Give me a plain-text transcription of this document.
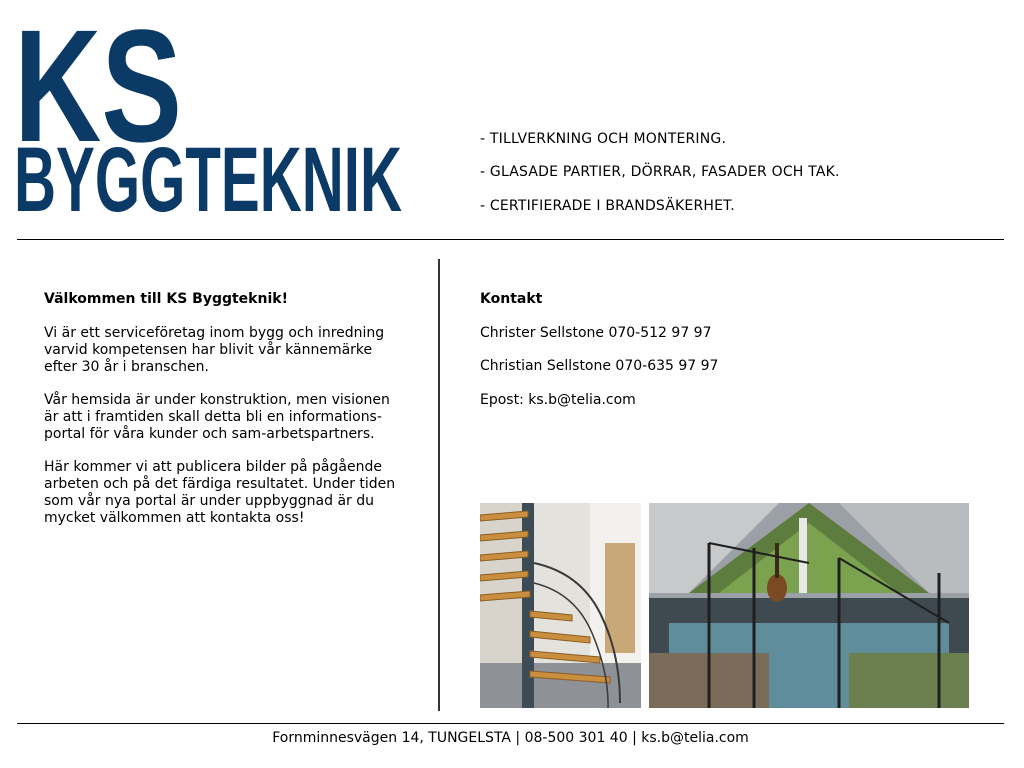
KS
BYGGTEKNIK	- TILLVERKNING OCH MONTERING.

- GLASADE PARTIER, DÖRRAR, FASADER OCH TAK.

- CERTIFIERADE I BRANDSÄKERHET.

Välkommen till KS Byggteknik!

Vi är ett serviceföretag inom bygg och inredning varvid kompetensen har blivit vår kännemärke efter 30 år i branschen.

Vår hemsida är under konstruktion, men visionen är att i framtiden skall detta bli en informations- portal för våra kunder och sam-arbetspartners.

Här kommer vi att publicera bilder på pågående arbeten och på det färdiga resultatet. Under tiden som vår nya portal är under uppbyggnad är du mycket välkommen att kontakta oss!

Kontakt

Christer Sellstone 070-512 97 97

Christian Sellstone 070-635 97 97

Epost: ks.b@telia.com

Fornminnesvägen 14, TUNGELSTA | 08-500 301 40 | ks.b@telia.com
